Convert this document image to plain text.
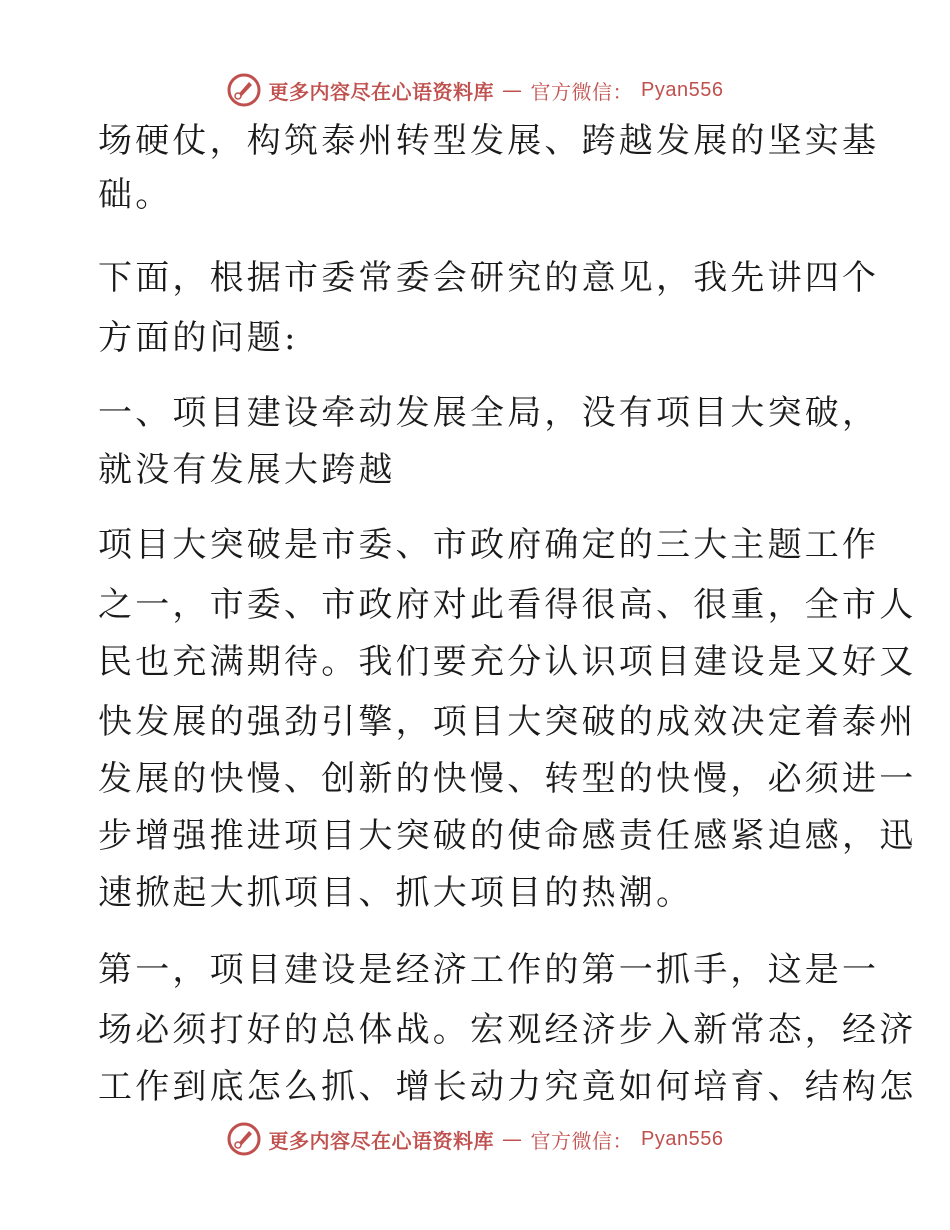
更多内容尽在心语资料库 — 官方微信： Pyan556
场硬仗，构筑泰州转型发展、跨越发展的坚实基
础。
下面，根据市委常委会研究的意见，我先讲四个
方面的问题:
一、项目建设牵动发展全局，没有项目大突破，
就没有发展大跨越
项目大突破是市委、市政府确定的三大主题工作
之一，市委、市政府对此看得很高、很重，全市人
民也充满期待。我们要充分认识项目建设是又好又
快发展的强劲引擎，项目大突破的成效决定着泰州
发展的快慢、创新的快慢、转型的快慢，必须进一
步增强推进项目大突破的使命感责任感紧迫感，迅
速掀起大抓项目、抓大项目的热潮。
第一，项目建设是经济工作的第一抓手，这是一
场必须打好的总体战。宏观经济步入新常态，经济
工作到底怎么抓、增长动力究竟如何培育、结构怎
更多内容尽在心语资料库 — 官方微信： Pyan556
